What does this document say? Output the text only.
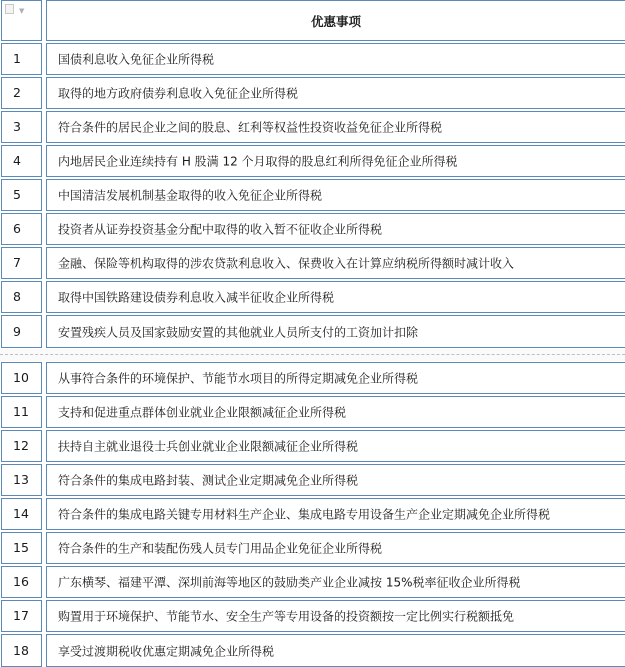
▼
优惠事项
1	国债利息收入免征企业所得税
2	取得的地方政府债券利息收入免征企业所得税
3	符合条件的居民企业之间的股息、红利等权益性投资收益免征企业所得税
4	内地居民企业连续持有 H 股满 12 个月取得的股息红利所得免征企业所得税
5	中国清洁发展机制基金取得的收入免征企业所得税
6	投资者从证券投资基金分配中取得的收入暂不征收企业所得税
7	金融、保险等机构取得的涉农贷款利息收入、保费收入在计算应纳税所得额时减计收入
8	取得中国铁路建设债券利息收入减半征收企业所得税
9	安置残疾人员及国家鼓励安置的其他就业人员所支付的工资加计扣除
10 从事符合条件的环境保护、节能节水项目的所得定期减免企业所得税
11 支持和促进重点群体创业就业企业限额减征企业所得税
12 扶持自主就业退役士兵创业就业企业限额减征企业所得税
13 符合条件的集成电路封装、测试企业定期减免企业所得税
14 符合条件的集成电路关键专用材料生产企业、集成电路专用设备生产企业定期减免企业所得税
15 符合条件的生产和装配伤残人员专门用品企业免征企业所得税
16 广东横琴、福建平潭、深圳前海等地区的鼓励类产业企业减按 15%税率征收企业所得税
17 购置用于环境保护、节能节水、安全生产等专用设备的投资额按一定比例实行税额抵免
18 享受过渡期税收优惠定期减免企业所得税
